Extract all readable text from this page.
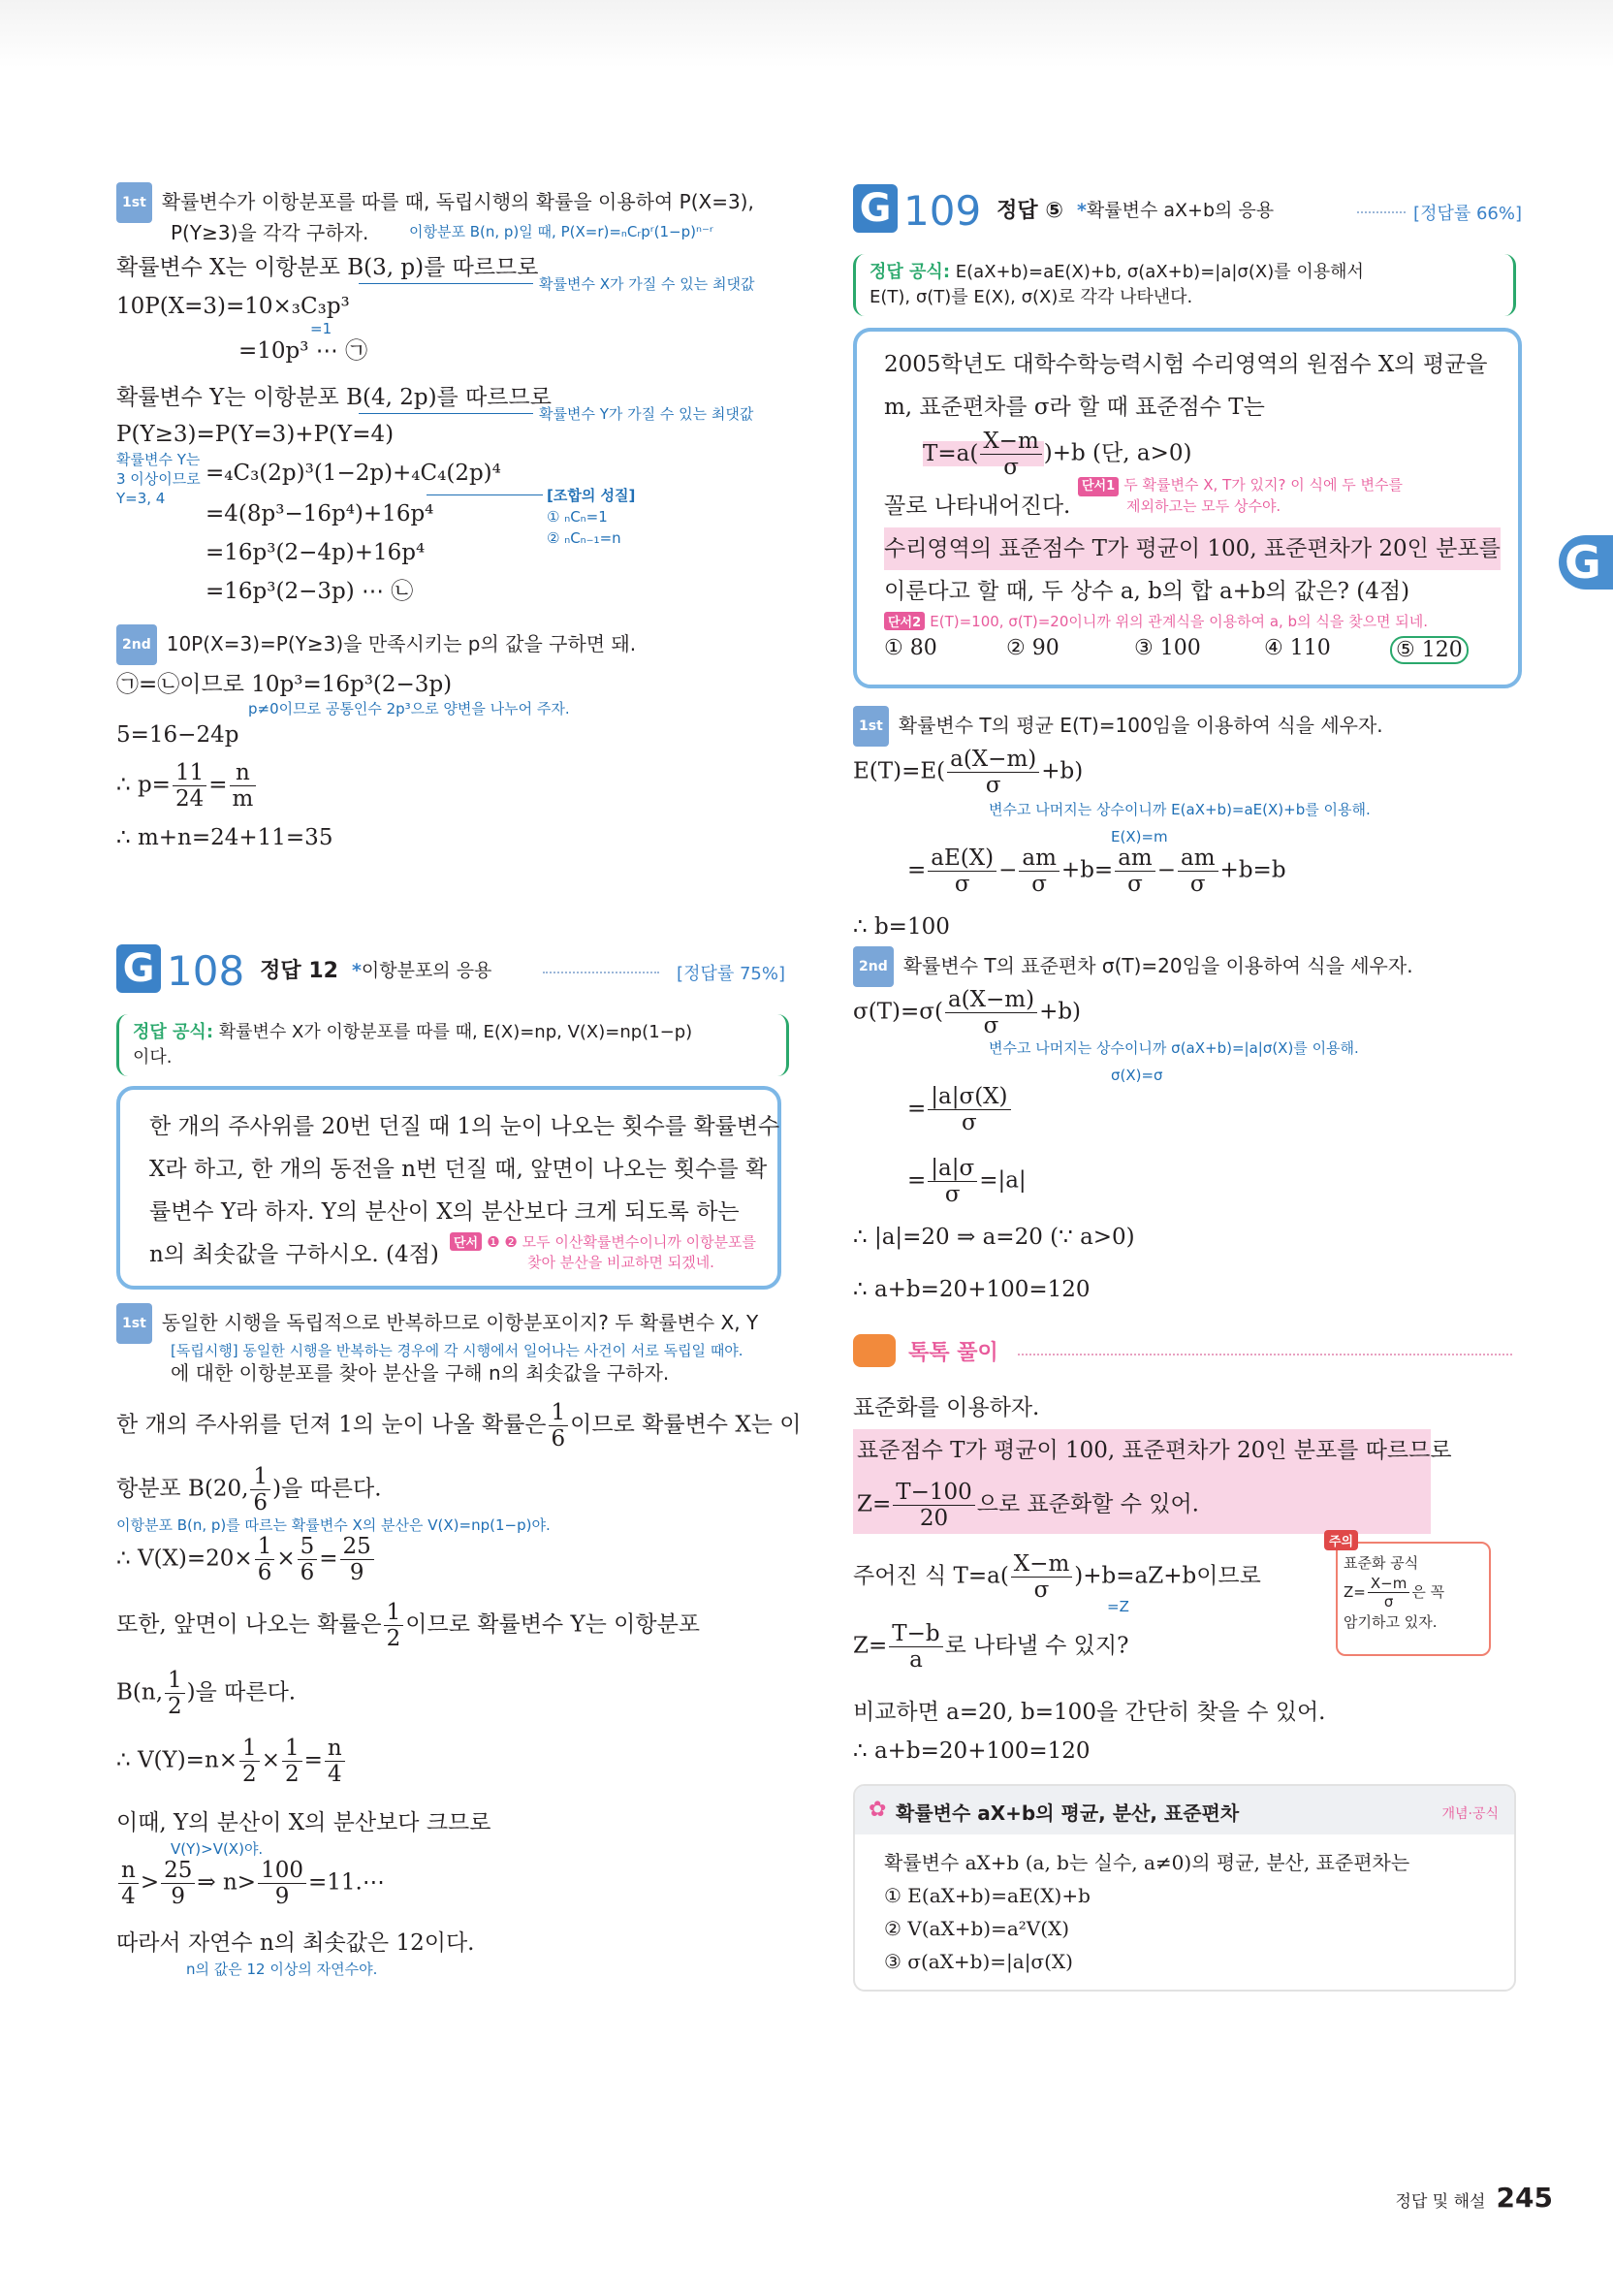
G
1st 확률변수가 이항분포를 따를 때, 독립시행의 확률을 이용하여 P(X=3),
P(Y≥3)을 각각 구하자.	이항분포 B(n, p)일 때, P(X=r)=ₙCᵣpʳ(1−p)ⁿ⁻ʳ
확률변수 X는 이항분포 B(3, p)를 따르므로
확률변수 X가 가질 수 있는 최댓값
10P(X=3)=10×₃C₃p³
=1
=10p³ ⋯ ㉠
확률변수 Y는 이항분포 B(4, 2p)를 따르므로
확률변수 Y가 가질 수 있는 최댓값
P(Y≥3)=P(Y=3)+P(Y=4)
확률변수 Y는
3 이상이므로
Y=3, 4
=₄C₃(2p)³(1−2p)+₄C₄(2p)⁴
[조합의 성질]
① ₙCₙ=1
② ₙCₙ₋₁=n
=4(8p³−16p⁴)+16p⁴
=16p³(2−4p)+16p⁴
=16p³(2−3p) ⋯ ㉡
2nd 10P(X=3)=P(Y≥3)을 만족시키는 p의 값을 구하면 돼.
㉠=㉡이므로 10p³=16p³(2−3p)
p≠0이므로 공통인수 2p³으로 양변을 나누어 주자.
5=16−24p
∴ $p= \frac{11}{24} = \frac{n}{m}$
∴ m+n=24+11=35
G 108 정답 12 *이항분포의 응용	[정답률 75%]
정답 공식: 확률변수 X가 이항분포를 따를 때, E(X)=np, V(X)=np(1−p)
이다.
한 개의 주사위를 20번 던질 때 1의 눈이 나오는 횟수를 확률변수
X라 하고, 한 개의 동전을 n번 던질 때, 앞면이 나오는 횟수를 확
률변수 Y라 하자. Y의 분산이 X의 분산보다 크게 되도록 하는
n의 최솟값을 구하시오. (4점)	단서 ❶ ❷ 모두 이산확률변수이니까 이항분포를
찾아 분산을 비교하면 되겠네.
1st 동일한 시행을 독립적으로 반복하므로 이항분포이지? 두 확률변수 X, Y
[독립시행] 동일한 시행을 반복하는 경우에 각 시행에서 일어나는 사건이 서로 독립일 때야.
에 대한 이항분포를 찾아 분산을 구해 n의 최솟값을 구하자.
한 개의 주사위를 던져 1의 눈이 나올 확률은 $\frac{1}{6}$ 이므로 확률변수 X는 이
항분포 B(20, $\frac{1}{6}$ )을 따른다.
이항분포 B(n, p)를 따르는 확률변수 X의 분산은 V(X)=np(1−p)야.
∴ $V(X)=20\times \frac{1}{6} \times \frac{5}{6} = \frac{25}{9}$
또한, 앞면이 나오는 확률은 $\frac{1}{2}$ 이므로 확률변수 Y는 이항분포
B(n, $\frac{1}{2}$ )을 따른다.
∴ $V(Y)=n\times \frac{1}{2} \times \frac{1}{2} = \frac{n}{4}$
이때, Y의 분산이 X의 분산보다 크므로
V(Y)>V(X)야.
$\frac{n}{4} > \frac{25}{9}$ ⇒ $n> \frac{100}{9}$ =11.⋯
따라서 자연수 n의 최솟값은 12이다.
n의 값은 12 이상의 자연수야.
G 109 정답 ⑤ *확률변수 aX+b의 응용	[정답률 66%]
정답 공식: E(aX+b)=aE(X)+b, σ(aX+b)=|a|σ(X)를 이용해서
E(T), σ(T)를 E(X), σ(X)로 각각 나타낸다.
2005학년도 대학수학능력시험 수리영역의 원점수 X의 평균을
m, 표준편차를 σ라 할 때 표준점수 T는
$T=a( \frac{X-m}{\sigma} )+b$ (단, a>0)
꼴로 나타내어진다.
수리영역의 표준점수 T가 평균이 100, 표준편차가 20인 분포를
이룬다고 할 때, 두 상수 a, b의 합 a+b의 값은? (4점)
단서1 두 확률변수 X, T가 있지? 이 식에 두 변수를
제외하고는 모두 상수야.
단서2 E(T)=100, σ(T)=20이니까 위의 관계식을 이용하여 a, b의 식을 찾으면 되네.
① 80	② 90	③ 100	④ 110	⑤ 120
1st 확률변수 T의 평균 E(T)=100임을 이용하여 식을 세우자.
$E(T)=E( \frac{a(X-m)}{\sigma} +b)$
변수고 나머지는 상수이니까 E(aX+b)=aE(X)+b를 이용해.
E(X)=m
= $\frac{aE(X)}{\sigma} - \frac{am}{\sigma} +b= \frac{am}{\sigma} - \frac{am}{\sigma} +b=b$
∴ b=100
2nd 확률변수 T의 표준편차 σ(T)=20임을 이용하여 식을 세우자.
$\sigma(T)=\sigma( \frac{a(X-m)}{\sigma} +b)$
변수고 나머지는 상수이니까 σ(aX+b)=|a|σ(X)를 이용해.
σ(X)=σ
= $\frac{|a|\sigma(X)}{\sigma}$
= $\frac{|a|\sigma}{\sigma} =|a|$
∴ |a|=20 ⇒ a=20 (∵ a>0)
∴ a+b=20+100=120
톡톡 풀이
표준화를 이용하자.
표준점수 T가 평균이 100, 표준편차가 20인 분포를 따르므로
$Z= \frac{T-100}{20}$ 으로 표준화할 수 있어.
주어진 식 $T=a( \frac{X-m}{\sigma} )+b=aZ+b$이므로
=Z
$Z= \frac{T-b}{a}$ 로 나타낼 수 있지?
주의
표준화 공식
$Z= \frac{X-m}{\sigma}$ 은 꼭
암기하고 있자.
비교하면 a=20, b=100을 간단히 찾을 수 있어.
∴ a+b=20+100=120
✿ 확률변수 aX+b의 평균, 분산, 표준편차	개념·공식
확률변수 aX+b (a, b는 실수, a≠0)의 평균, 분산, 표준편차는
① E(aX+b)=aE(X)+b
② V(aX+b)=a²V(X)
③ σ(aX+b)=|a|σ(X)
정답 및 해설 245
